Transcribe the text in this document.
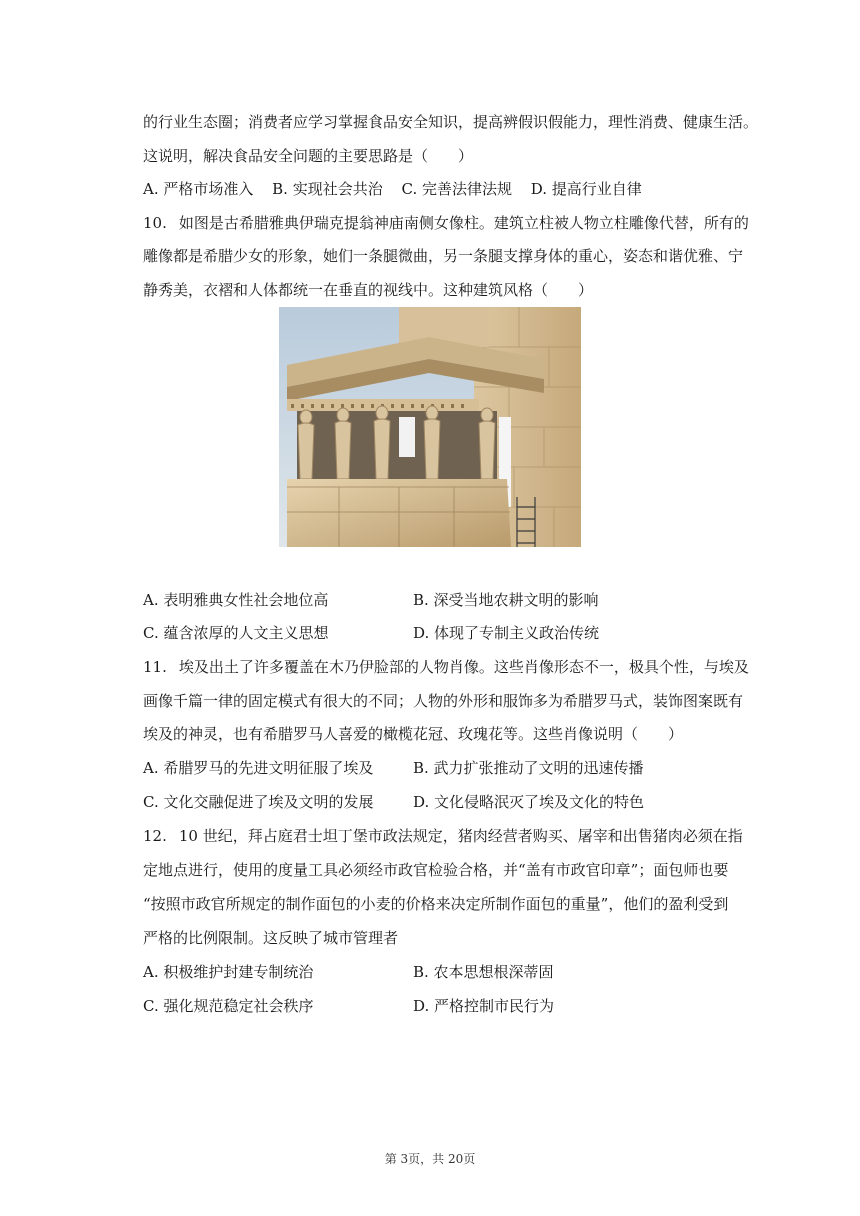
的行业生态圈；消费者应学习掌握食品安全知识，提高辨假识假能力，理性消费、健康生活。
这说明，解决食品安全问题的主要思路是（　　）
A. 严格市场准入 B. 实现社会共治 C. 完善法律法规 D. 提高行业自律
10. 如图是古希腊雅典伊瑞克提翁神庙南侧女像柱。建筑立柱被人物立柱雕像代替，所有的
雕像都是希腊少女的形象，她们一条腿微曲，另一条腿支撑身体的重心，姿态和谐优雅、宁
静秀美，衣褶和人体都统一在垂直的视线中。这种建筑风格（　　）
A. 表明雅典女性社会地位高	B. 深受当地农耕文明的影响
C. 蕴含浓厚的人文主义思想	D. 体现了专制主义政治传统
11. 埃及出土了许多覆盖在木乃伊脸部的人物肖像。这些肖像形态不一，极具个性，与埃及
画像千篇一律的固定模式有很大的不同；人物的外形和服饰多为希腊罗马式，装饰图案既有
埃及的神灵，也有希腊罗马人喜爱的橄榄花冠、玫瑰花等。这些肖像说明（　　）
A. 希腊罗马的先进文明征服了埃及	B. 武力扩张推动了文明的迅速传播
C. 文化交融促进了埃及文明的发展	D. 文化侵略泯灭了埃及文化的特色
12. 10 世纪，拜占庭君士坦丁堡市政法规定，猪肉经营者购买、屠宰和出售猪肉必须在指
定地点进行，使用的度量工具必须经市政官检验合格，并“盖有市政官印章”；面包师也要
“按照市政官所规定的制作面包的小麦的价格来决定所制作面包的重量”，他们的盈利受到
严格的比例限制。这反映了城市管理者
A. 积极维护封建专制统治	B. 农本思想根深蒂固
C. 强化规范稳定社会秩序	D. 严格控制市民行为
第 3页，共 20页
